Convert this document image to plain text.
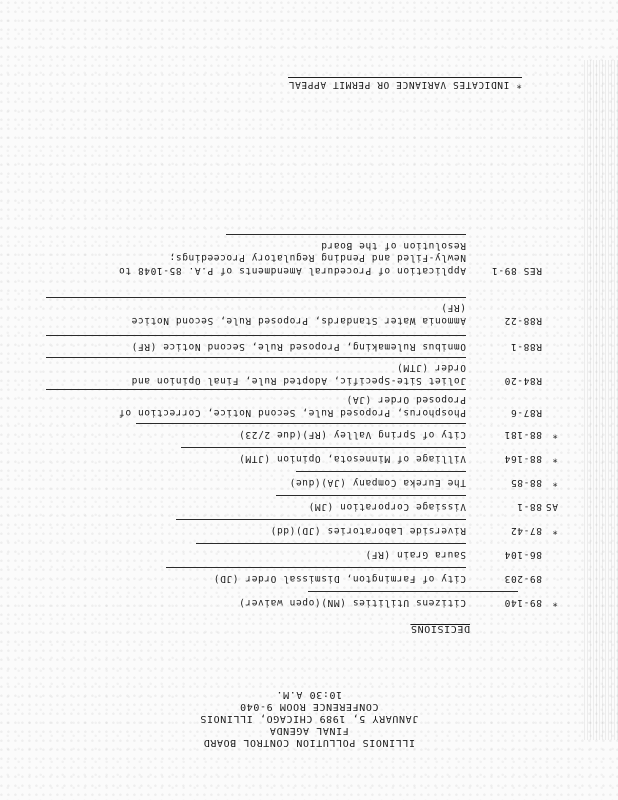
ILLINOIS POLLUTION CONTROL BOARD
FINAL AGENDA
JANUARY 5, 1989 CHICAGO, ILLINOIS
CONFERENCE ROOM 9-040
10:30 A.M.
DECISIONS
*
89-140
Citizens Utilities (MN)(open waiver)
89-203
City of Farmington, Dismissal Order (JD)
86-104
Saura Grain (RF)
*
87-42
Riverside Laboratories (JD)(dd)
AS
88-1
Vissiage Corporation (JM)
*
88-85
The Eureka Company (JA)(due)
*
88-164
Villiage of Minnesota, Opinion (JTM)
*
88-181
City of Spring Valley (RF)(due 2/23)
R87-6
Phosphorus, Proposed Rule, Second Notice, Correction of
Proposed Order (JA)
R84-20
Joliet Site-Specific, Adopted Rule, Final Opinion and
Order (JTM)
R88-1
Omnibus Rulemaking, Proposed Rule, Second Notice (RF)
R88-22
Ammonia Water Standards, Proposed Rule, Second Notice
(RF)
RES 89-1
Application of Procedural Amendments of P.A. 85-1048 to
Newly-Filed and Pending Regulatory Proceedings;
Resolution of the Board
* INDICATES VARIANCE OR PERMIT APPEAL
